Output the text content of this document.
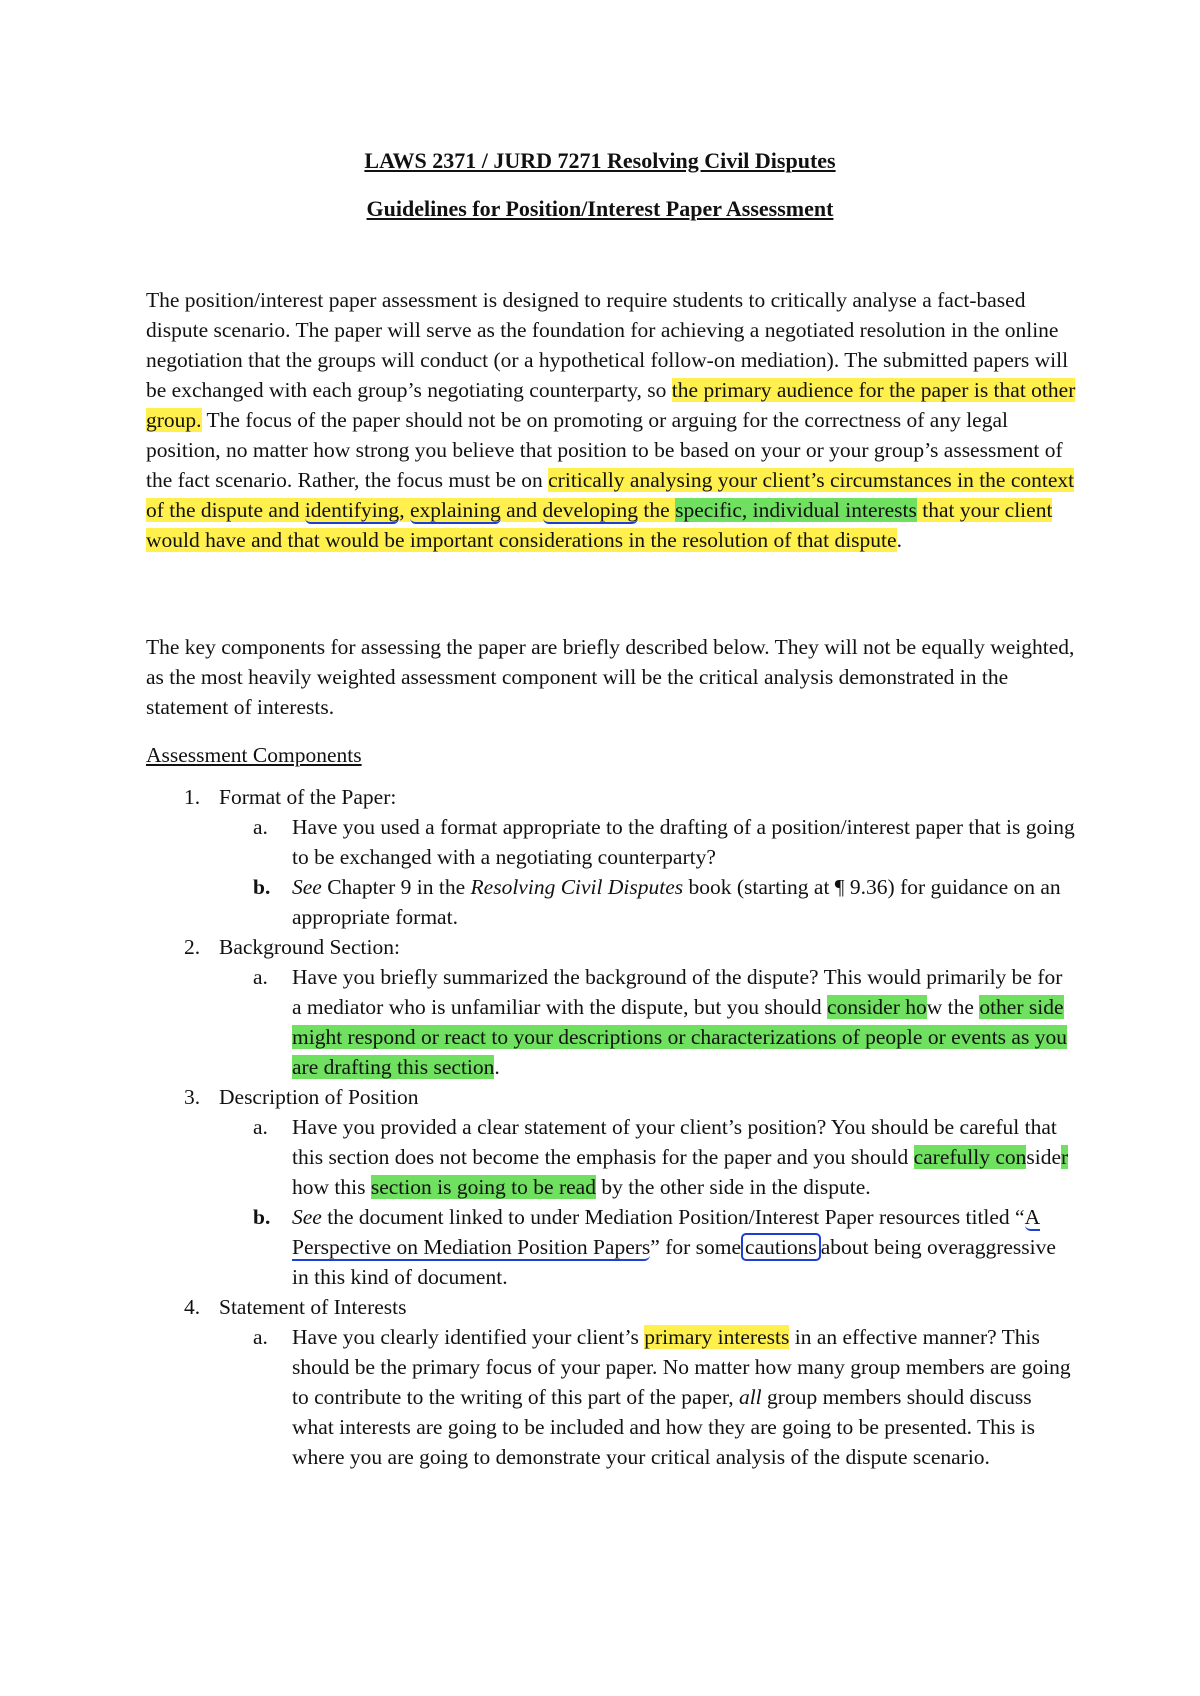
LAWS 2371 / JURD 7271 Resolving Civil Disputes
Guidelines for Position/Interest Paper Assessment

The position/interest paper assessment is designed to require students to critically analyse a fact-based dispute scenario. The paper will serve as the foundation for achieving a negotiated resolution in the online negotiation that the groups will conduct (or a hypothetical follow-on mediation). The submitted papers will be exchanged with each group’s negotiating counterparty, so the primary audience for the paper is that other group. The focus of the paper should not be on promoting or arguing for the correctness of any legal position, no matter how strong you believe that position to be based on your or your group’s assessment of the fact scenario. Rather, the focus must be on critically analysing your client’s circumstances in the context of the dispute and identifying, explaining and developing the specific, individual interests that your client would have and that would be important considerations in the resolution of that dispute.

The key components for assessing the paper are briefly described below. They will not be equally weighted, as the most heavily weighted assessment component will be the critical analysis demonstrated in the statement of interests.

Assessment Components

1. Format of the Paper:
a. Have you used a format appropriate to the drafting of a position/interest paper that is going to be exchanged with a negotiating counterparty?
b. See Chapter 9 in the Resolving Civil Disputes book (starting at ¶ 9.36) for guidance on an appropriate format.
2. Background Section:
a. Have you briefly summarized the background of the dispute? This would primarily be for a mediator who is unfamiliar with the dispute, but you should consider how the other side might respond or react to your descriptions or characterizations of people or events as you are drafting this section.
3. Description of Position
a. Have you provided a clear statement of your client’s position? You should be careful that this section does not become the emphasis for the paper and you should carefully consider how this section is going to be read by the other side in the dispute.
b. See the document linked to under Mediation Position/Interest Paper resources titled “A Perspective on Mediation Position Papers” for some cautions about being overaggressive in this kind of document.
4. Statement of Interests
a. Have you clearly identified your client’s primary interests in an effective manner? This should be the primary focus of your paper. No matter how many group members are going to contribute to the writing of this part of the paper, all group members should discuss what interests are going to be included and how they are going to be presented. This is where you are going to demonstrate your critical analysis of the dispute scenario.
